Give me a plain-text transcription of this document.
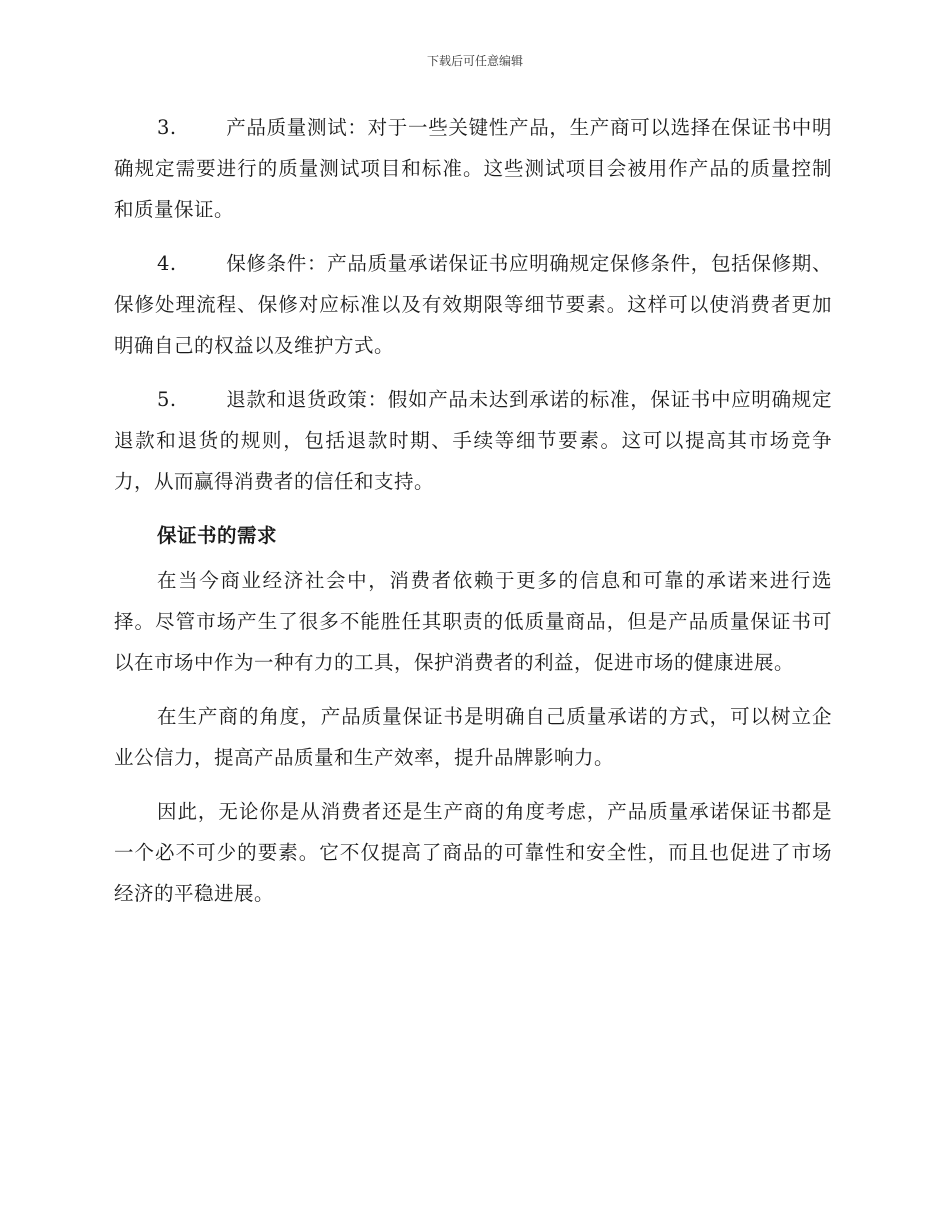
下载后可任意编辑

3.	产品质量测试：对于一些关键性产品，生产商可以选择在保证书中明确规定需要进行的质量测试项目和标准。这些测试项目会被用作产品的质量控制和质量保证。

4.	保修条件：产品质量承诺保证书应明确规定保修条件，包括保修期、保修处理流程、保修对应标准以及有效期限等细节要素。这样可以使消费者更加明确自己的权益以及维护方式。

5.	退款和退货政策：假如产品未达到承诺的标准，保证书中应明确规定退款和退货的规则，包括退款时期、手续等细节要素。这可以提高其市场竞争力，从而赢得消费者的信任和支持。

保证书的需求

在当今商业经济社会中，消费者依赖于更多的信息和可靠的承诺来进行选择。尽管市场产生了很多不能胜任其职责的低质量商品，但是产品质量保证书可以在市场中作为一种有力的工具，保护消费者的利益，促进市场的健康进展。

在生产商的角度，产品质量保证书是明确自己质量承诺的方式，可以树立企业公信力，提高产品质量和生产效率，提升品牌影响力。

因此，无论你是从消费者还是生产商的角度考虑，产品质量承诺保证书都是一个必不可少的要素。它不仅提高了商品的可靠性和安全性，而且也促进了市场经济的平稳进展。
